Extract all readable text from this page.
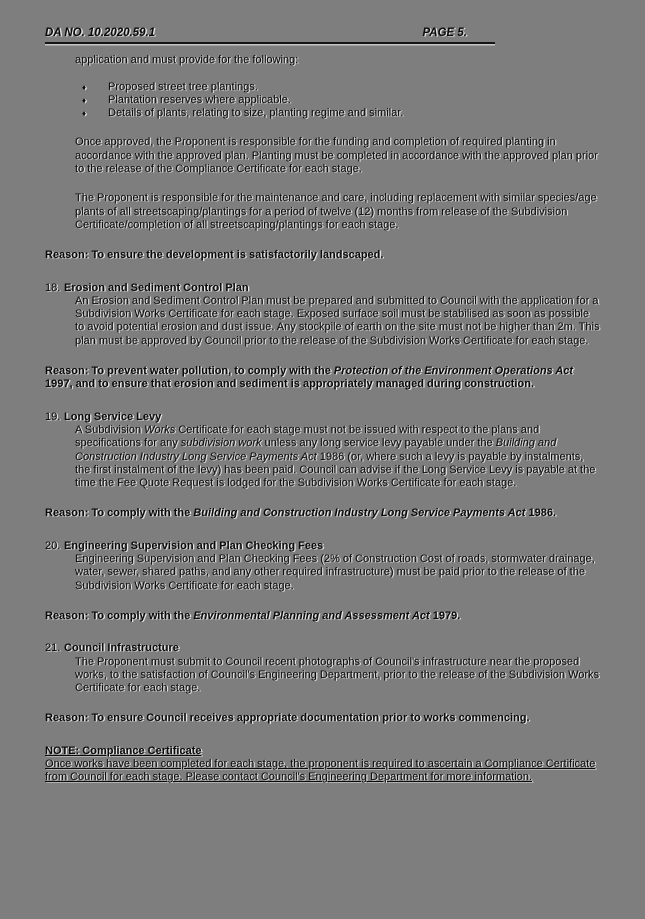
DA NO. 10.2020.59.1	PAGE 5.
application and must provide for the following:
♦	Proposed street tree plantings.
♦	Plantation reserves where applicable.
♦	Details of plants, relating to size, planting regime and similar.

Once approved, the Proponent is responsible for the funding and completion of required planting in accordance with the approved plan. Planting must be completed in accordance with the approved plan prior to the release of the Compliance Certificate for each stage.

The Proponent is responsible for the maintenance and care, including replacement with similar species/age plants of all streetscaping/plantings for a period of twelve (12) months from release of the Subdivision Certificate/completion of all streetscaping/plantings for each stage.

Reason: To ensure the development is satisfactorily landscaped.

18. Erosion and Sediment Control Plan
An Erosion and Sediment Control Plan must be prepared and submitted to Council with the application for a Subdivision Works Certificate for each stage. Exposed surface soil must be stabilised as soon as possible to avoid potential erosion and dust issue. Any stockpile of earth on the site must not be higher than 2m. This plan must be approved by Council prior to the release of the Subdivision Works Certificate for each stage.

Reason: To prevent water pollution, to comply with the Protection of the Environment Operations Act 1997, and to ensure that erosion and sediment is appropriately managed during construction.

19. Long Service Levy
A Subdivision Works Certificate for each stage must not be issued with respect to the plans and specifications for any subdivision work unless any long service levy payable under the Building and Construction Industry Long Service Payments Act 1986 (or, where such a levy is payable by instalments, the first instalment of the levy) has been paid. Council can advise if the Long Service Levy is payable at the time the Fee Quote Request is lodged for the Subdivision Works Certificate for each stage.

Reason: To comply with the Building and Construction Industry Long Service Payments Act 1986.

20. Engineering Supervision and Plan Checking Fees
Engineering Supervision and Plan Checking Fees (2% of Construction Cost of roads, stormwater drainage, water, sewer, shared paths, and any other required infrastructure) must be paid prior to the release of the Subdivision Works Certificate for each stage.

Reason: To comply with the Environmental Planning and Assessment Act 1979.

21. Council Infrastructure
The Proponent must submit to Council recent photographs of Council's infrastructure near the proposed works, to the satisfaction of Council's Engineering Department, prior to the release of the Subdivision Works Certificate for each stage.

Reason: To ensure Council receives appropriate documentation prior to works commencing.

NOTE: Compliance Certificate

Once works have been completed for each stage, the proponent is required to ascertain a Compliance Certificate from Council for each stage. Please contact Council's Engineering Department for more information.
